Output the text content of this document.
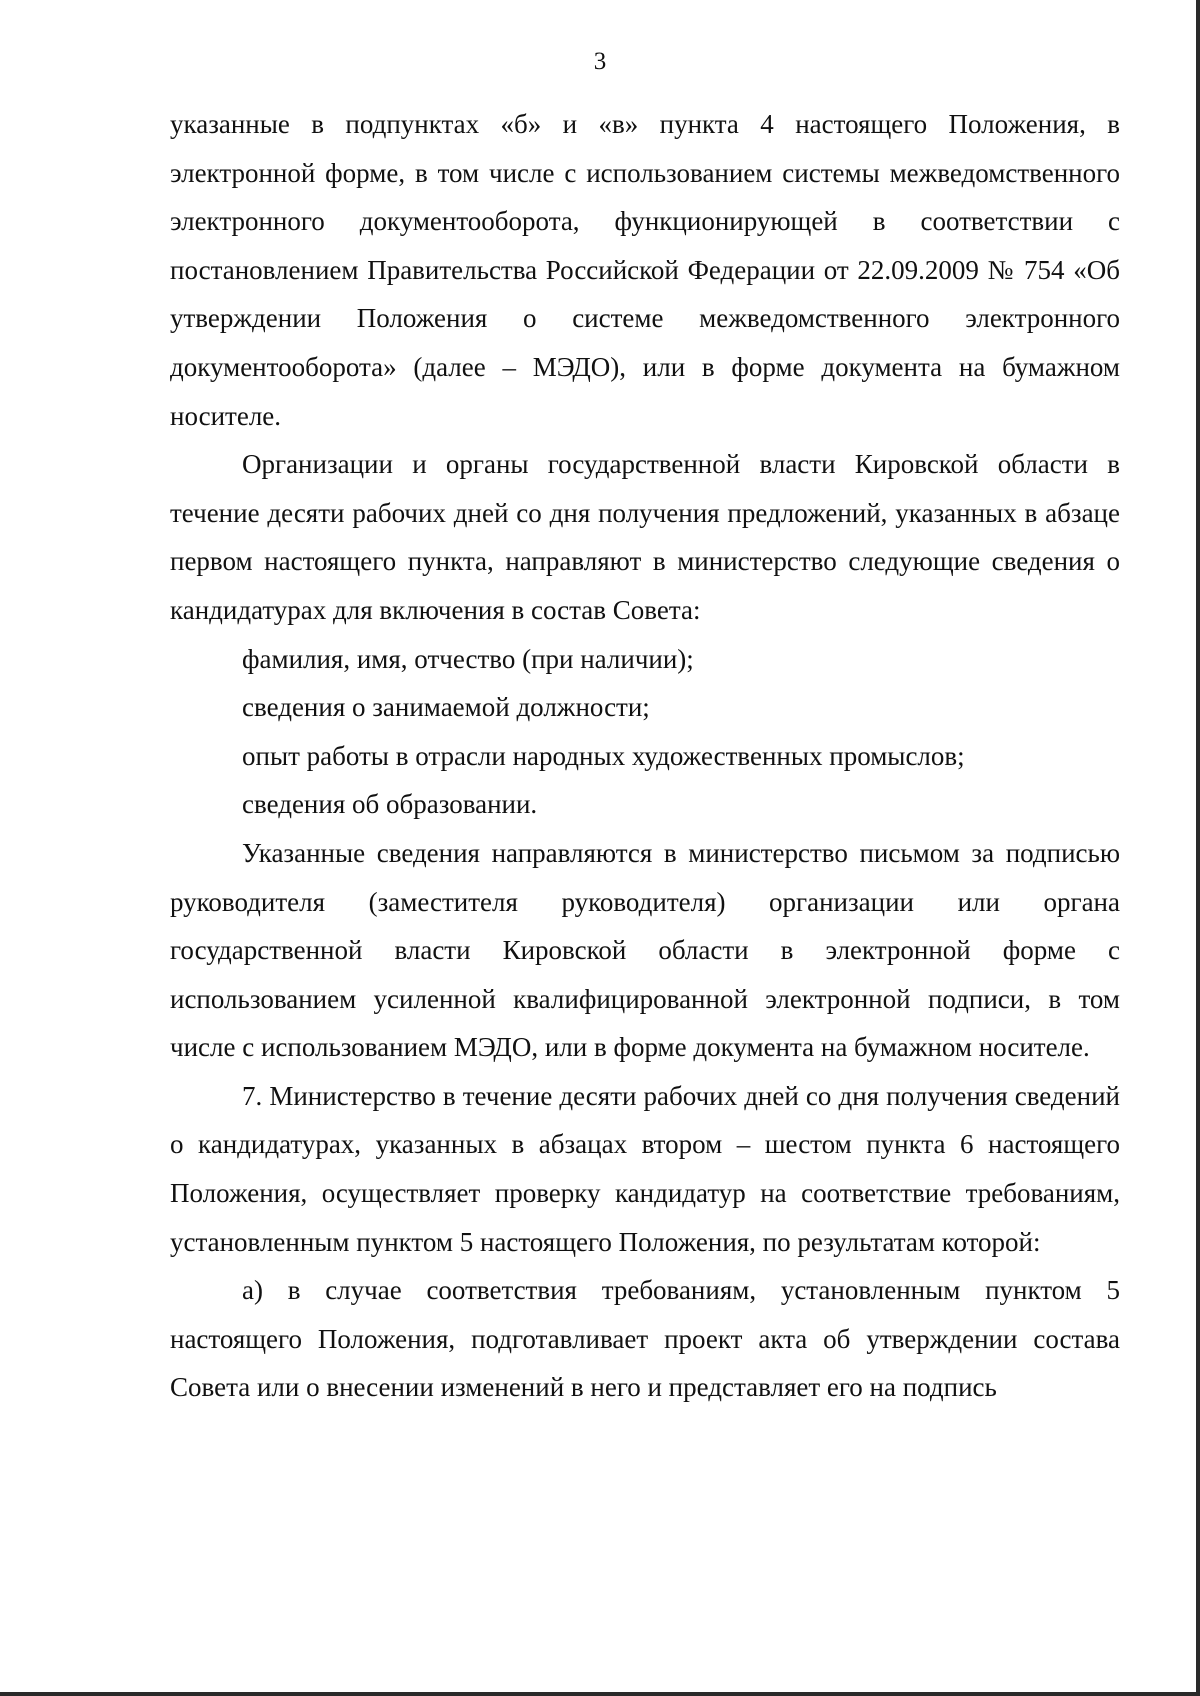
3

указанные в подпунктах «б» и «в» пункта 4 настоящего Положения, в электронной форме, в том числе с использованием системы межведомственного электронного документооборота, функционирующей в соответствии с постановлением Правительства Российской Федерации от 22.09.2009 № 754 «Об утверждении Положения о системе межведомственного электронного документооборота» (далее – МЭДО), или в форме документа на бумажном носителе.

Организации и органы государственной власти Кировской области в течение десяти рабочих дней со дня получения предложений, указанных в абзаце первом настоящего пункта, направляют в министерство следующие сведения о кандидатурах для включения в состав Совета:

фамилия, имя, отчество (при наличии);

сведения о занимаемой должности;

опыт работы в отрасли народных художественных промыслов;

сведения об образовании.

Указанные сведения направляются в министерство письмом за подписью руководителя (заместителя руководителя) организации или органа государственной власти Кировской области в электронной форме с использованием усиленной квалифицированной электронной подписи, в том числе с использованием МЭДО, или в форме документа на бумажном носителе.

7. Министерство в течение десяти рабочих дней со дня получения сведений о кандидатурах, указанных в абзацах втором – шестом пункта 6 настоящего Положения, осуществляет проверку кандидатур на соответствие требованиям, установленным пунктом 5 настоящего Положения, по результатам которой:

а) в случае соответствия требованиям, установленным пунктом 5 настоящего Положения, подготавливает проект акта об утверждении состава Совета или о внесении изменений в него и представляет его на подпись
